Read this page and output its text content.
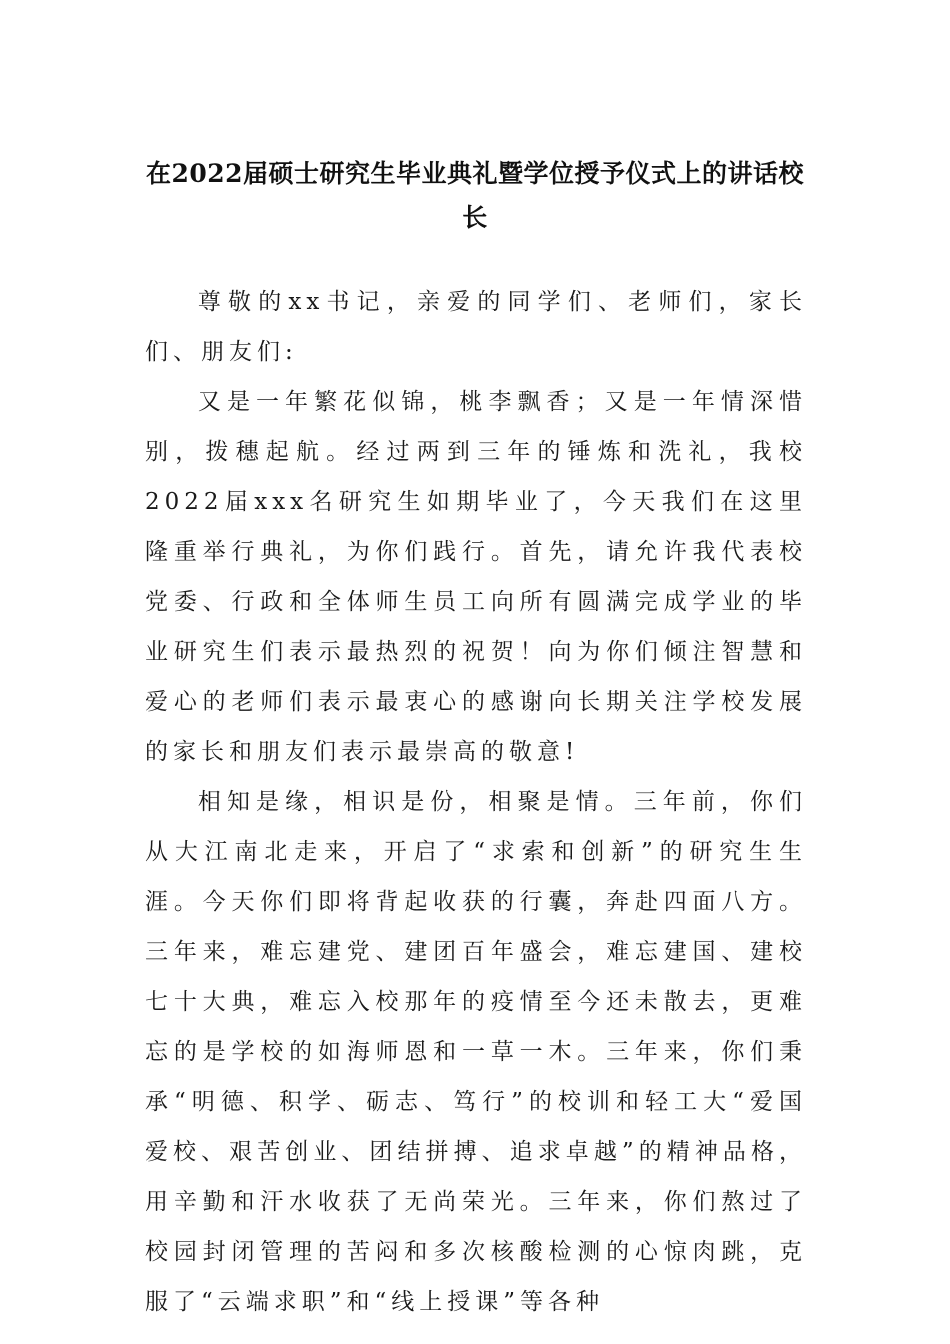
在2022届硕士研究生毕业典礼暨学位授予仪式上的讲话校长

尊敬的xx书记，亲爱的同学们、老师们，家长们、朋友们:

又是一年繁花似锦，桃李飘香；又是一年情深惜别，拨穗起航。经过两到三年的锤炼和洗礼，我校2022届xxx名研究生如期毕业了，今天我们在这里隆重举行典礼，为你们践行。首先，请允许我代表校党委、行政和全体师生员工向所有圆满完成学业的毕业研究生们表示最热烈的祝贺！向为你们倾注智慧和爱心的老师们表示最衷心的感谢向长期关注学校发展的家长和朋友们表示最崇高的敬意!

相知是缘，相识是份，相聚是情。三年前，你们从大江南北走来，开启了“求索和创新”的研究生生涯。今天你们即将背起收获的行囊，奔赴四面八方。三年来，难忘建党、建团百年盛会，难忘建国、建校七十大典，难忘入校那年的疫情至今还未散去，更难忘的是学校的如海师恩和一草一木。三年来，你们秉承“明德、积学、砺志、笃行”的校训和轻工大“爱国爱校、艰苦创业、团结拼搏、追求卓越”的精神品格，用辛勤和汗水收获了无尚荣光。三年来，你们熬过了校园封闭管理的苦闷和多次核酸检测的心惊肉跳，克服了“云端求职”和“线上授课”等各种
